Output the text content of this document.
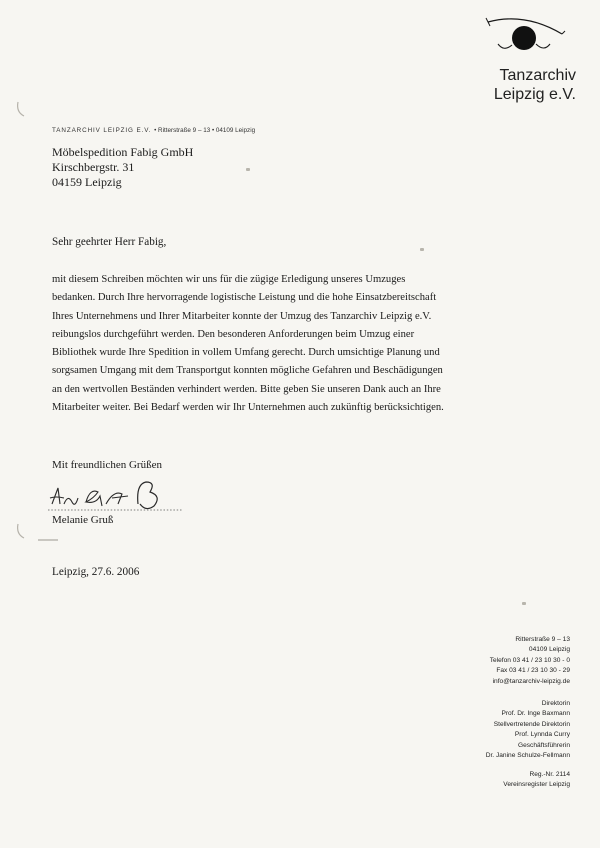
Tanzarchiv
Leipzig e.V.
TANZARCHIV LEIPZIG E.V. • Ritterstraße 9 – 13 • 04109 Leipzig
Möbelspedition Fabig GmbH
Kirschbergstr. 31
04159 Leipzig
Sehr geehrter Herr Fabig,
mit diesem Schreiben möchten wir uns für die zügige Erledigung unseres Umzuges
bedanken. Durch Ihre hervorragende logistische Leistung und die hohe Einsatzbereitschaft
Ihres Unternehmens und Ihrer Mitarbeiter konnte der Umzug des Tanzarchiv Leipzig e.V.
reibungslos durchgeführt werden. Den besonderen Anforderungen beim Umzug einer
Bibliothek wurde Ihre Spedition in vollem Umfang gerecht. Durch umsichtige Planung und
sorgsamen Umgang mit dem Transportgut konnten mögliche Gefahren und Beschädigungen
an den wertvollen Beständen verhindert werden. Bitte geben Sie unseren Dank auch an Ihre
Mitarbeiter weiter. Bei Bedarf werden wir Ihr Unternehmen auch zukünftig berücksichtigen.
Mit freundlichen Grüßen
Melanie Gruß
Leipzig, 27.6. 2006
Ritterstraße 9 – 13
04109 Leipzig
Telefon 03 41 / 23 10 30 - 0
Fax 03 41 / 23 10 30 - 29
info@tanzarchiv-leipzig.de
Direktorin
Prof. Dr. Inge Baxmann
Stellvertretende Direktorin
Prof. Lynnda Curry
Geschäftsführerin
Dr. Janine Schulze-Fellmann
Reg.-Nr. 2114
Vereinsregister Leipzig
